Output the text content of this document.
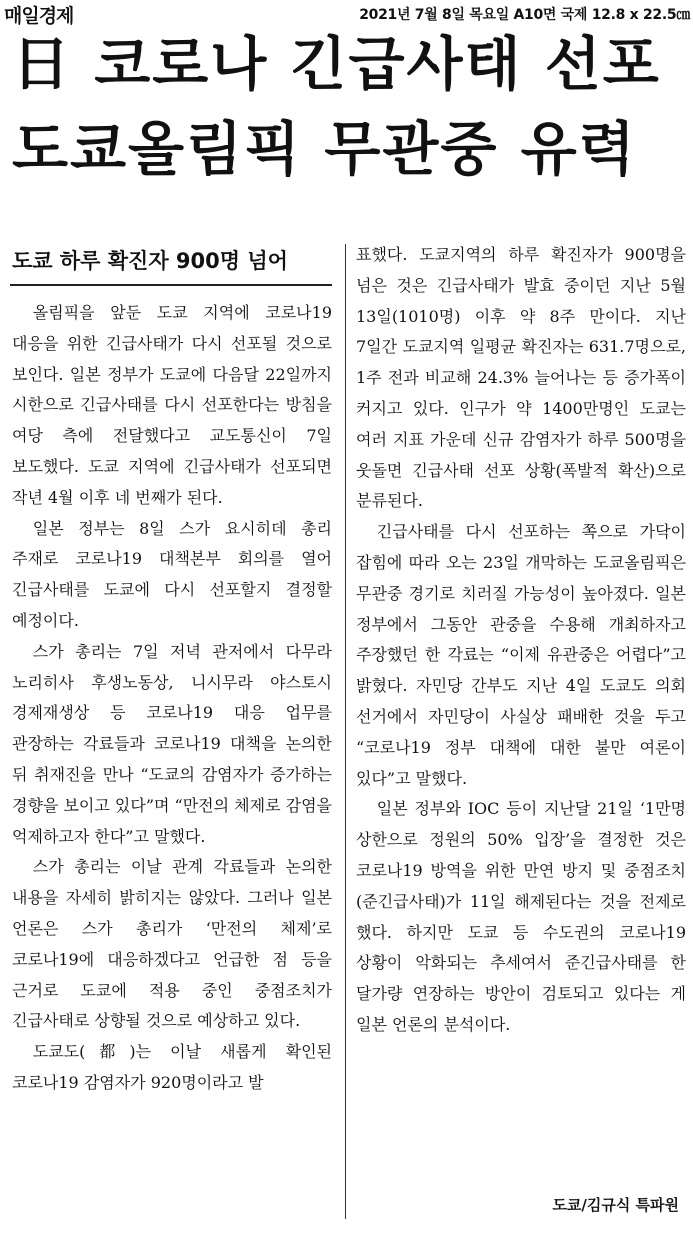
매일경제	2021년 7월 8일 목요일 A10면 국제 12.8 x 22.5㎝
日 코로나 긴급사태 선포
도쿄올림픽 무관중 유력
도쿄 하루 확진자 900명 넘어

올림픽을 앞둔 도쿄 지역에 코로나19 대응을 위한 긴급사태가 다시 선포될 것으로 보인다. 일본 정부가 도쿄에 다음달 22일까지 시한으로 긴급사태를 다시 선포한다는 방침을 여당 측에 전달했다고 교도통신이 7일 보도했다. 도쿄 지역에 긴급사태가 선포되면 작년 4월 이후 네 번째가 된다.

일본 정부는 8일 스가 요시히데 총리 주재로 코로나19 대책본부 회의를 열어 긴급사태를 도쿄에 다시 선포할지 결정할 예정이다.

스가 총리는 7일 저녁 관저에서 다무라 노리히사 후생노동상, 니시무라 야스토시 경제재생상 등 코로나19 대응 업무를 관장하는 각료들과 코로나19 대책을 논의한 뒤 취재진을 만나 “도쿄의 감염자가 증가하는 경향을 보이고 있다”며 “만전의 체제로 감염을 억제하고자 한다”고 말했다.

스가 총리는 이날 관계 각료들과 논의한 내용을 자세히 밝히지는 않았다. 그러나 일본 언론은 스가 총리가 ‘만전의 체제’로 코로나19에 대응하겠다고 언급한 점 등을 근거로 도쿄에 적용 중인 중점조치가 긴급사태로 상향될 것으로 예상하고 있다.

도쿄도(都)는 이날 새롭게 확인된 코로나19 감염자가 920명이라고 발

표했다. 도쿄지역의 하루 확진자가 900명을 넘은 것은 긴급사태가 발효 중이던 지난 5월 13일(1010명) 이후 약 8주 만이다. 지난 7일간 도쿄지역 일평균 확진자는 631.7명으로, 1주 전과 비교해 24.3% 늘어나는 등 증가폭이 커지고 있다. 인구가 약 1400만명인 도쿄는 여러 지표 가운데 신규 감염자가 하루 500명을 웃돌면 긴급사태 선포 상황(폭발적 확산)으로 분류된다.

긴급사태를 다시 선포하는 쪽으로 가닥이 잡힘에 따라 오는 23일 개막하는 도쿄올림픽은 무관중 경기로 치러질 가능성이 높아졌다. 일본 정부에서 그동안 관중을 수용해 개최하자고 주장했던 한 각료는 “이제 유관중은 어렵다”고 밝혔다. 자민당 간부도 지난 4일 도쿄도 의회 선거에서 자민당이 사실상 패배한 것을 두고 “코로나19 정부 대책에 대한 불만 여론이 있다”고 말했다.

일본 정부와 IOC 등이 지난달 21일 ‘1만명 상한으로 정원의 50% 입장’을 결정한 것은 코로나19 방역을 위한 만연 방지 및 중점조치(준긴급사태)가 11일 해제된다는 것을 전제로 했다. 하지만 도쿄 등 수도권의 코로나19 상황이 악화되는 추세여서 준긴급사태를 한 달가량 연장하는 방안이 검토되고 있다는 게 일본 언론의 분석이다.

도쿄/김규식 특파원
